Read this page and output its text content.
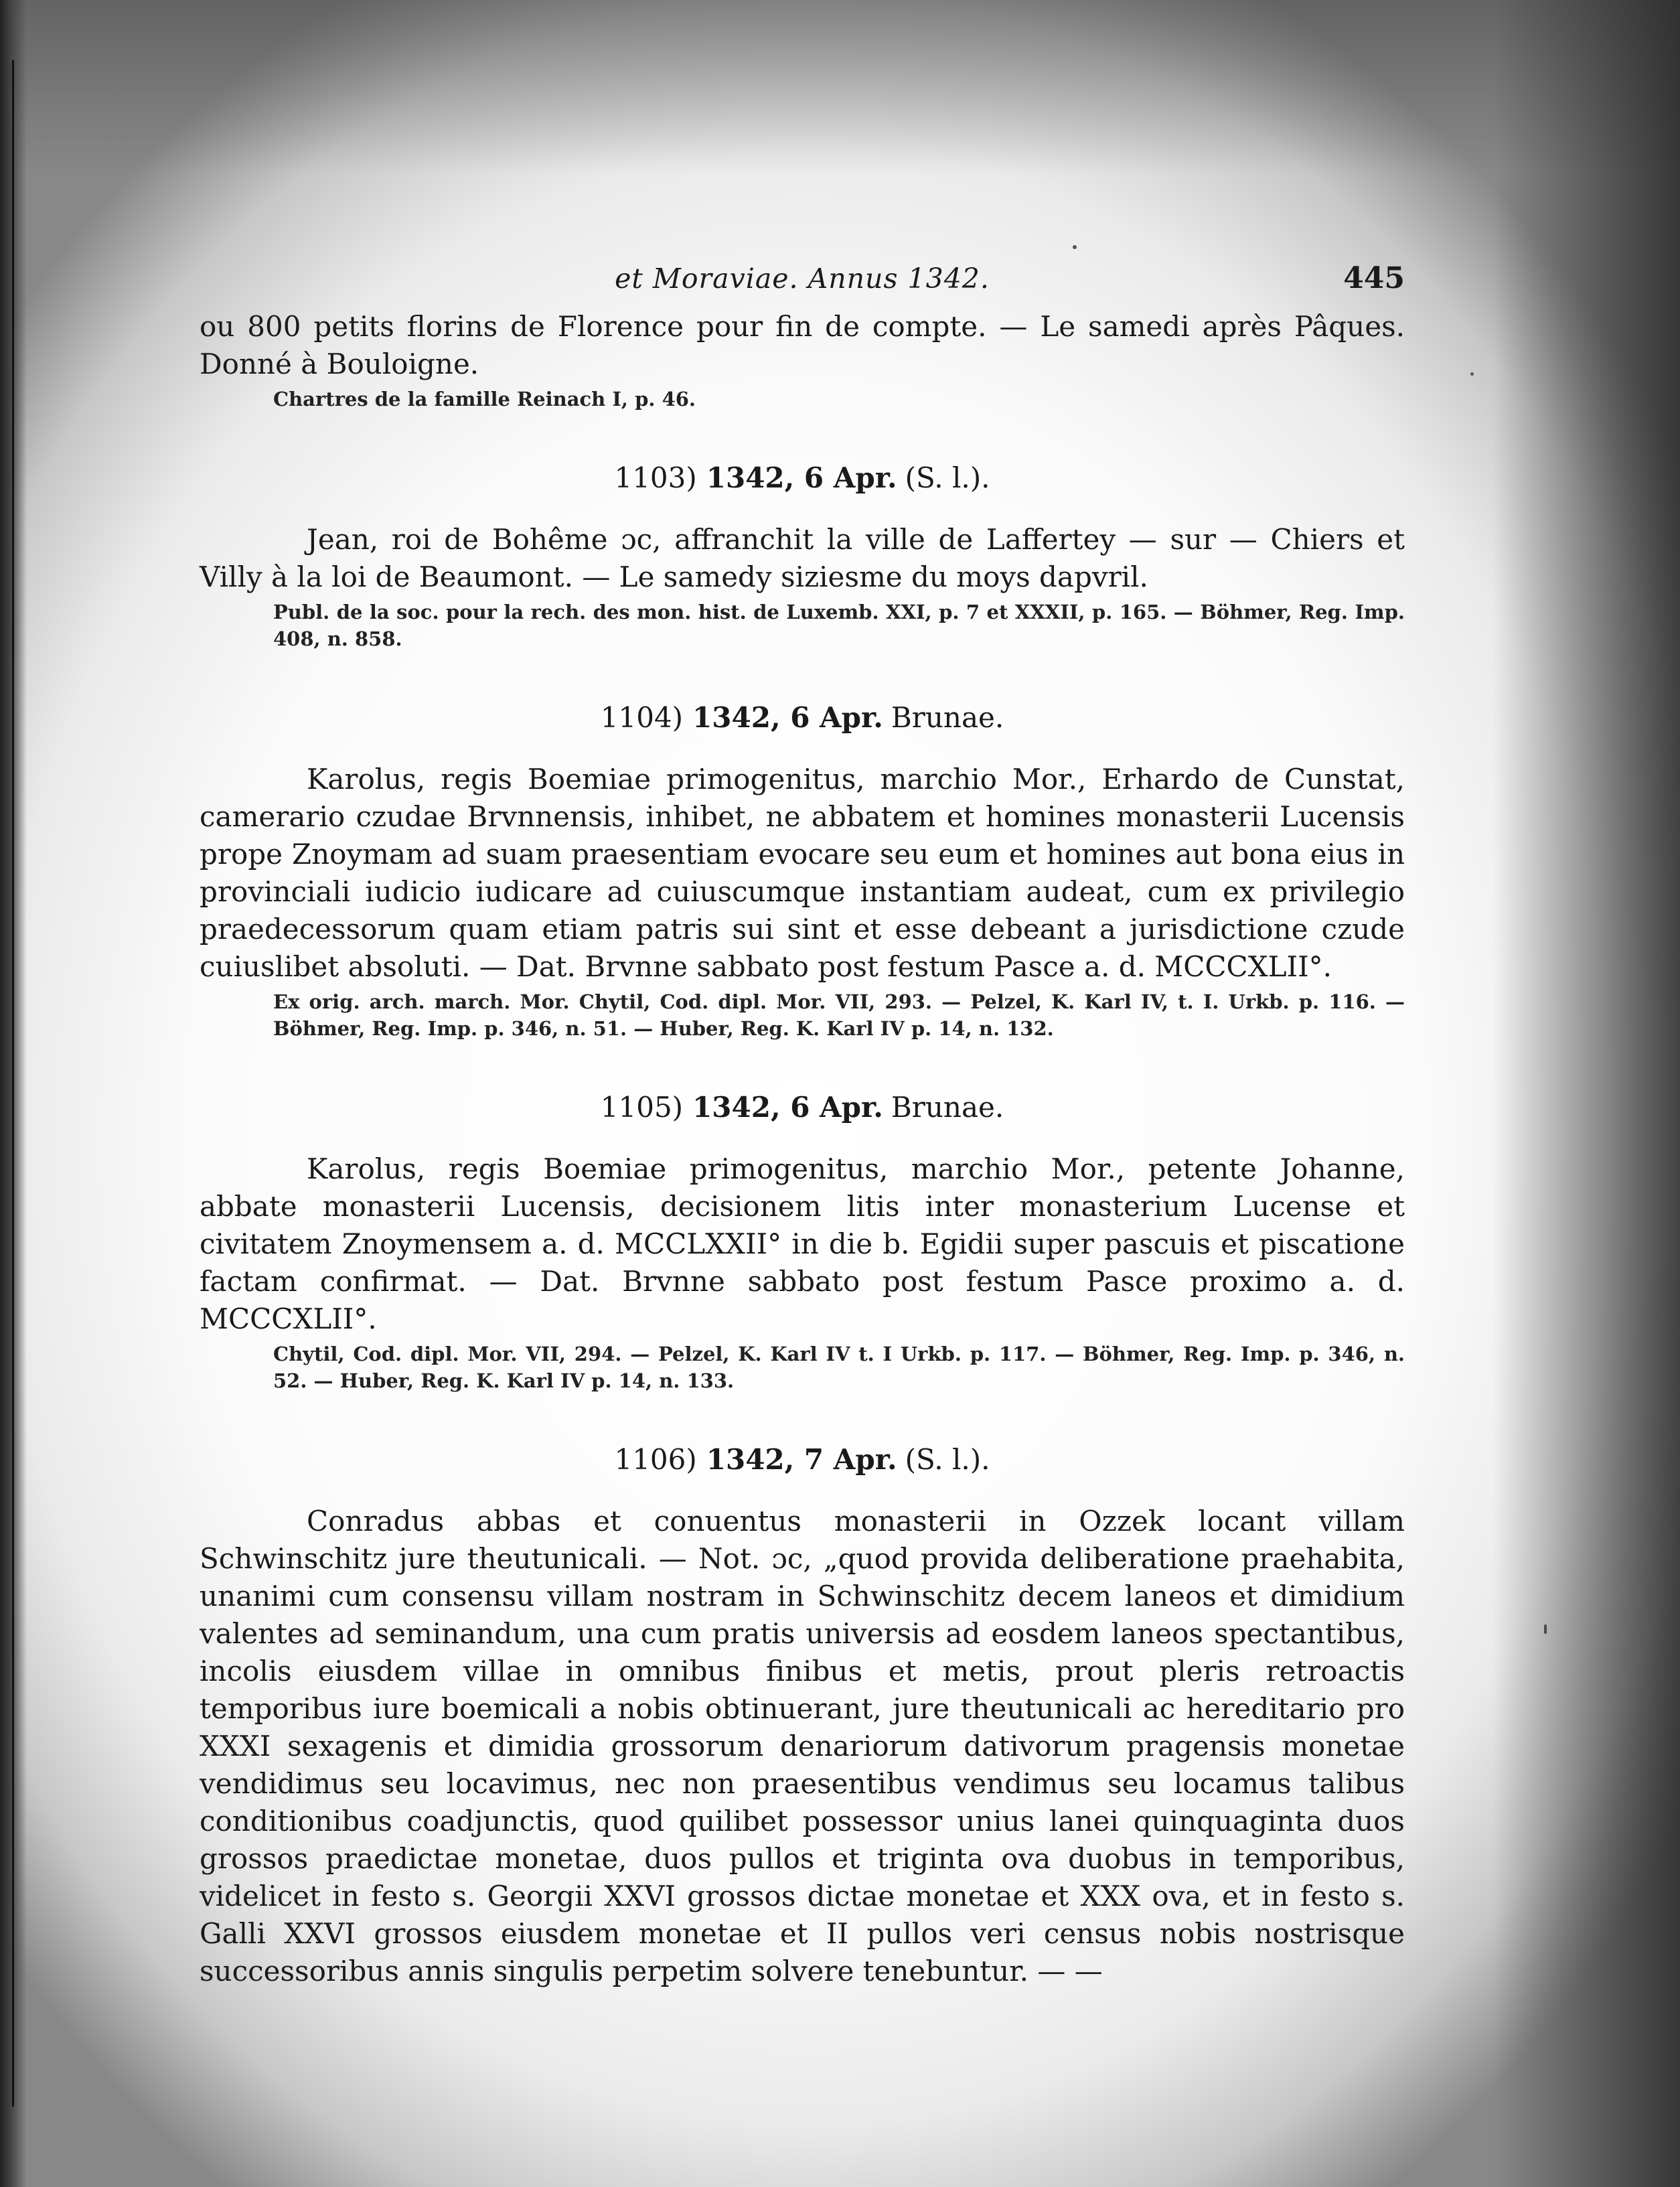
et Moraviae. Annus 1342.	445

ou 800 petits florins de Florence pour fin de compte. — Le samedi après Pâques. Donné à Bouloigne.

Chartres de la famille Reinach I, p. 46.

1103) 1342, 6 Apr. (S. l.).

Jean, roi de Bohême ɔc, affranchit la ville de Laffertey — sur — Chiers et Villy à la loi de Beaumont. — Le samedy siziesme du moys dapvril.

Publ. de la soc. pour la rech. des mon. hist. de Luxemb. XXI, p. 7 et XXXII, p. 165. — Böhmer, Reg. Imp. 408, n. 858.

1104) 1342, 6 Apr. Brunae.

Karolus, regis Boemiae primogenitus, marchio Mor., Erhardo de Cunstat, camerario czudae Brvnnensis, inhibet, ne abbatem et homines monasterii Lucensis prope Znoymam ad suam praesentiam evocare seu eum et homines aut bona eius in provinciali iudicio iudicare ad cuiuscumque instantiam audeat, cum ex privilegio praedecessorum quam etiam patris sui sint et esse debeant a jurisdictione czude cuiuslibet absoluti. — Dat. Brvnne sabbato post festum Pasce a. d. MCCCXLII°.

Ex orig. arch. march. Mor. Chytil, Cod. dipl. Mor. VII, 293. — Pelzel, K. Karl IV, t. I. Urkb. p. 116. — Böhmer, Reg. Imp. p. 346, n. 51. — Huber, Reg. K. Karl IV p. 14, n. 132.

1105) 1342, 6 Apr. Brunae.

Karolus, regis Boemiae primogenitus, marchio Mor., petente Johanne, abbate monasterii Lucensis, decisionem litis inter monasterium Lucense et civitatem Znoymensem a. d. MCCLXXII° in die b. Egidii super pascuis et piscatione factam confirmat. — Dat. Brvnne sabbato post festum Pasce proximo a. d. MCCCXLII°.

Chytil, Cod. dipl. Mor. VII, 294. — Pelzel, K. Karl IV t. I Urkb. p. 117. — Böhmer, Reg. Imp. p. 346, n. 52. — Huber, Reg. K. Karl IV p. 14, n. 133.

1106) 1342, 7 Apr. (S. l.).

Conradus abbas et conuentus monasterii in Ozzek locant villam Schwinschitz jure theutunicali. — Not. ɔc, „quod provida deliberatione praehabita, unanimi cum consensu villam nostram in Schwinschitz decem laneos et dimidium valentes ad seminandum, una cum pratis universis ad eosdem laneos spectantibus, incolis eiusdem villae in omnibus finibus et metis, prout pleris retroactis temporibus iure boemicali a nobis obtinuerant, jure theutunicali ac hereditario pro XXXI sexagenis et dimidia grossorum denariorum dativorum pragensis monetae vendidimus seu locavimus, nec non praesentibus vendimus seu locamus talibus conditionibus coadjunctis, quod quilibet possessor unius lanei quinquaginta duos grossos praedictae monetae, duos pullos et triginta ova duobus in temporibus, videlicet in festo s. Georgii XXVI grossos dictae monetae et XXX ova, et in festo s. Galli XXVI grossos eiusdem monetae et II pullos veri census nobis nostrisque successoribus annis singulis perpetim solvere tenebuntur. — —
